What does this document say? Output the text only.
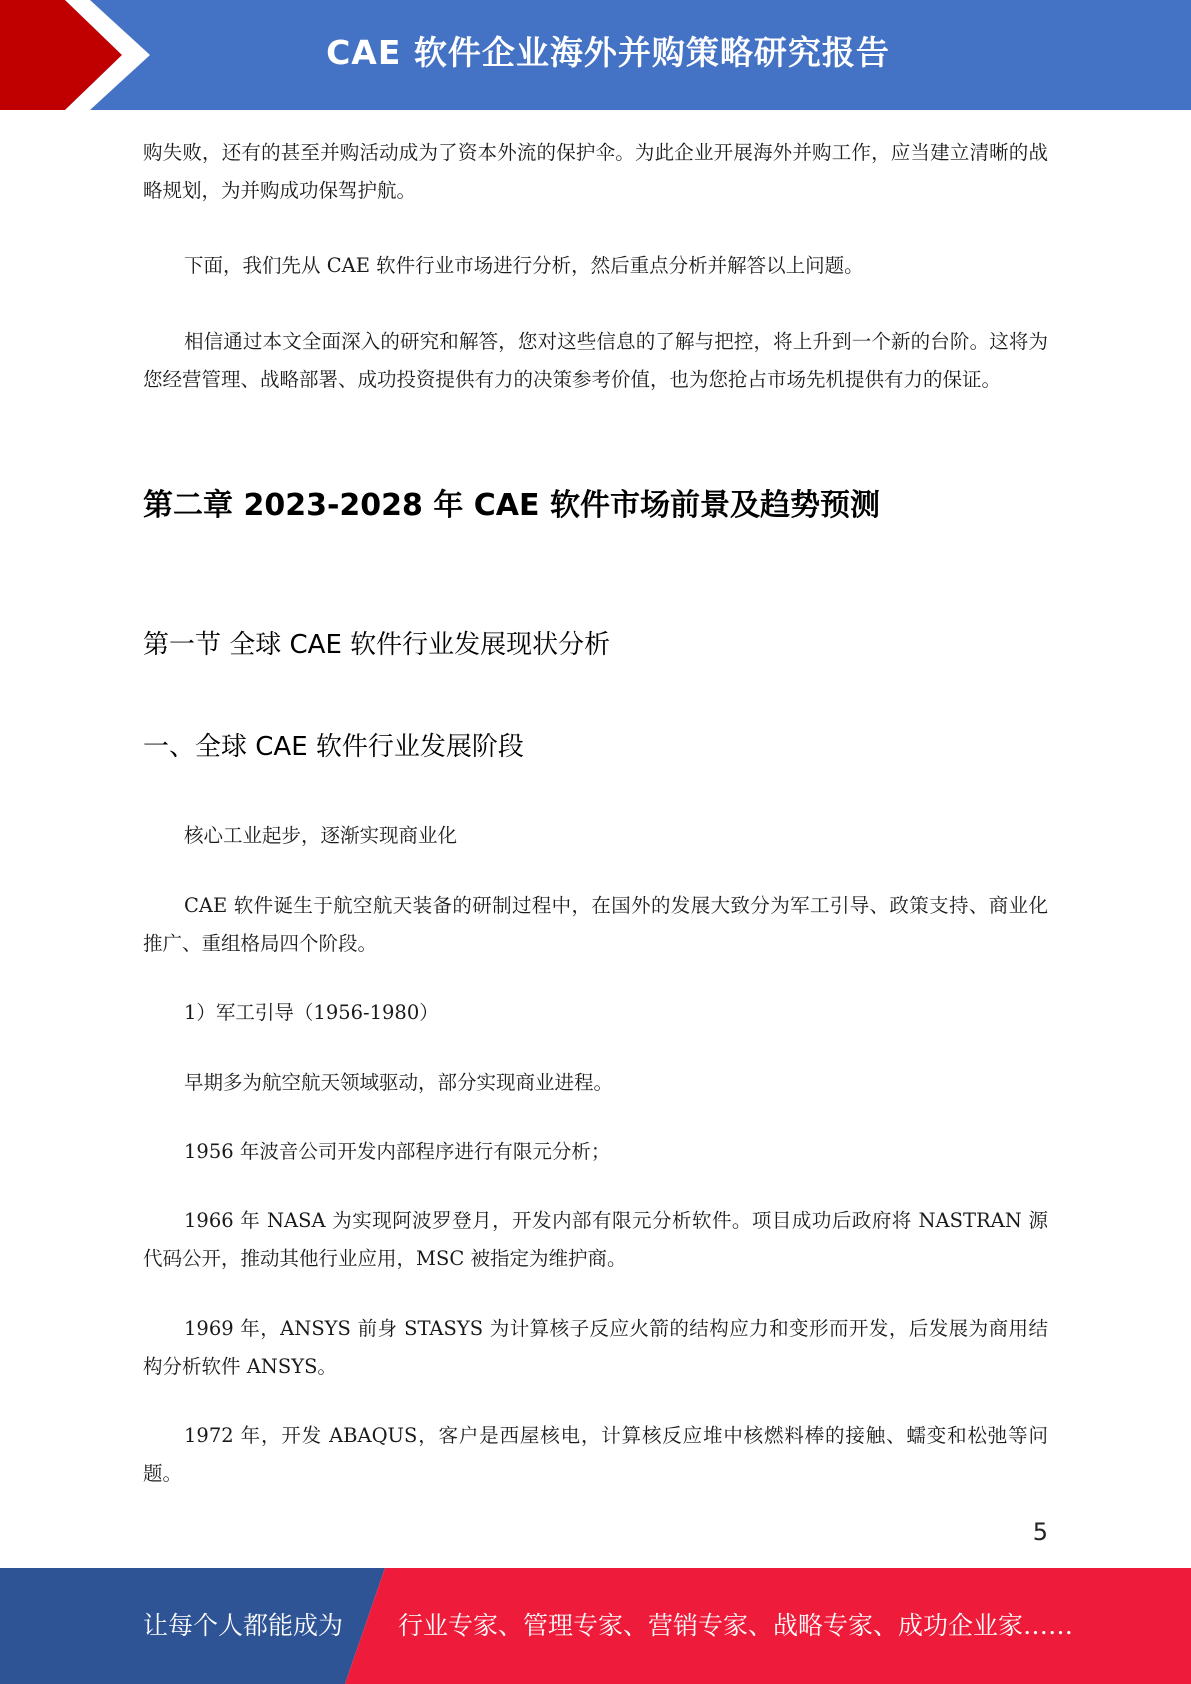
CAE 软件企业海外并购策略研究报告

购失败，还有的甚至并购活动成为了资本外流的保护伞。为此企业开展海外并购工作，应当建立清晰的战略规划，为并购成功保驾护航。

下面，我们先从 CAE 软件行业市场进行分析，然后重点分析并解答以上问题。

相信通过本文全面深入的研究和解答，您对这些信息的了解与把控，将上升到一个新的台阶。这将为您经营管理、战略部署、成功投资提供有力的决策参考价值，也为您抢占市场先机提供有力的保证。

第二章 2023-2028 年 CAE 软件市场前景及趋势预测
第一节 全球 CAE 软件行业发展现状分析
一、全球 CAE 软件行业发展阶段

核心工业起步，逐渐实现商业化

CAE 软件诞生于航空航天装备的研制过程中，在国外的发展大致分为军工引导、政策支持、商业化推广、重组格局四个阶段。

1）军工引导（1956-1980）

早期多为航空航天领域驱动，部分实现商业进程。

1956 年波音公司开发内部程序进行有限元分析；

1966 年 NASA 为实现阿波罗登月，开发内部有限元分析软件。项目成功后政府将 NASTRAN 源代码公开，推动其他行业应用，MSC 被指定为维护商。

1969 年，ANSYS 前身 STASYS 为计算核子反应火箭的结构应力和变形而开发，后发展为商用结构分析软件 ANSYS。

1972 年，开发 ABAQUS，客户是西屋核电，计算核反应堆中核燃料棒的接触、蠕变和松弛等问题。

5
让每个人都能成为 行业专家、管理专家、营销专家、战略专家、成功企业家……
